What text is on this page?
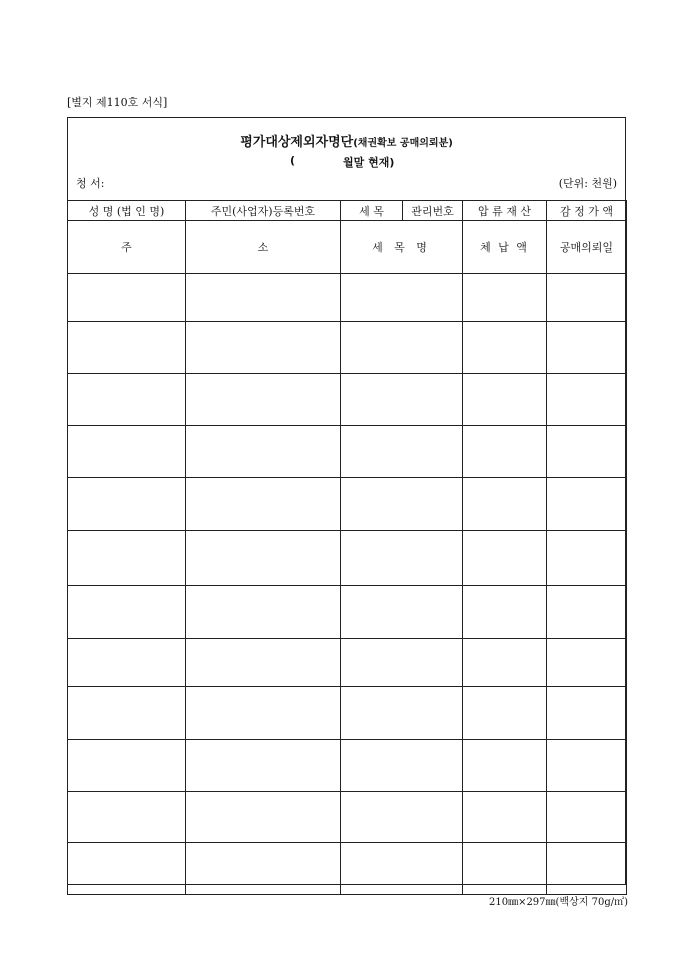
[별지 제110호 서식]
평가대상제외자명단(채권확보 공매의뢰분)
(	월말 현재)
청 서:	(단위: 천원)
성 명 (법 인 명)	주민(사업자)등록번호	세 목	관리번호	압 류 재 산	감 정 가 액
주	소	세 목 명		체 납 액	공매의뢰일

210㎜×297㎜(백상지 70g/㎡)
